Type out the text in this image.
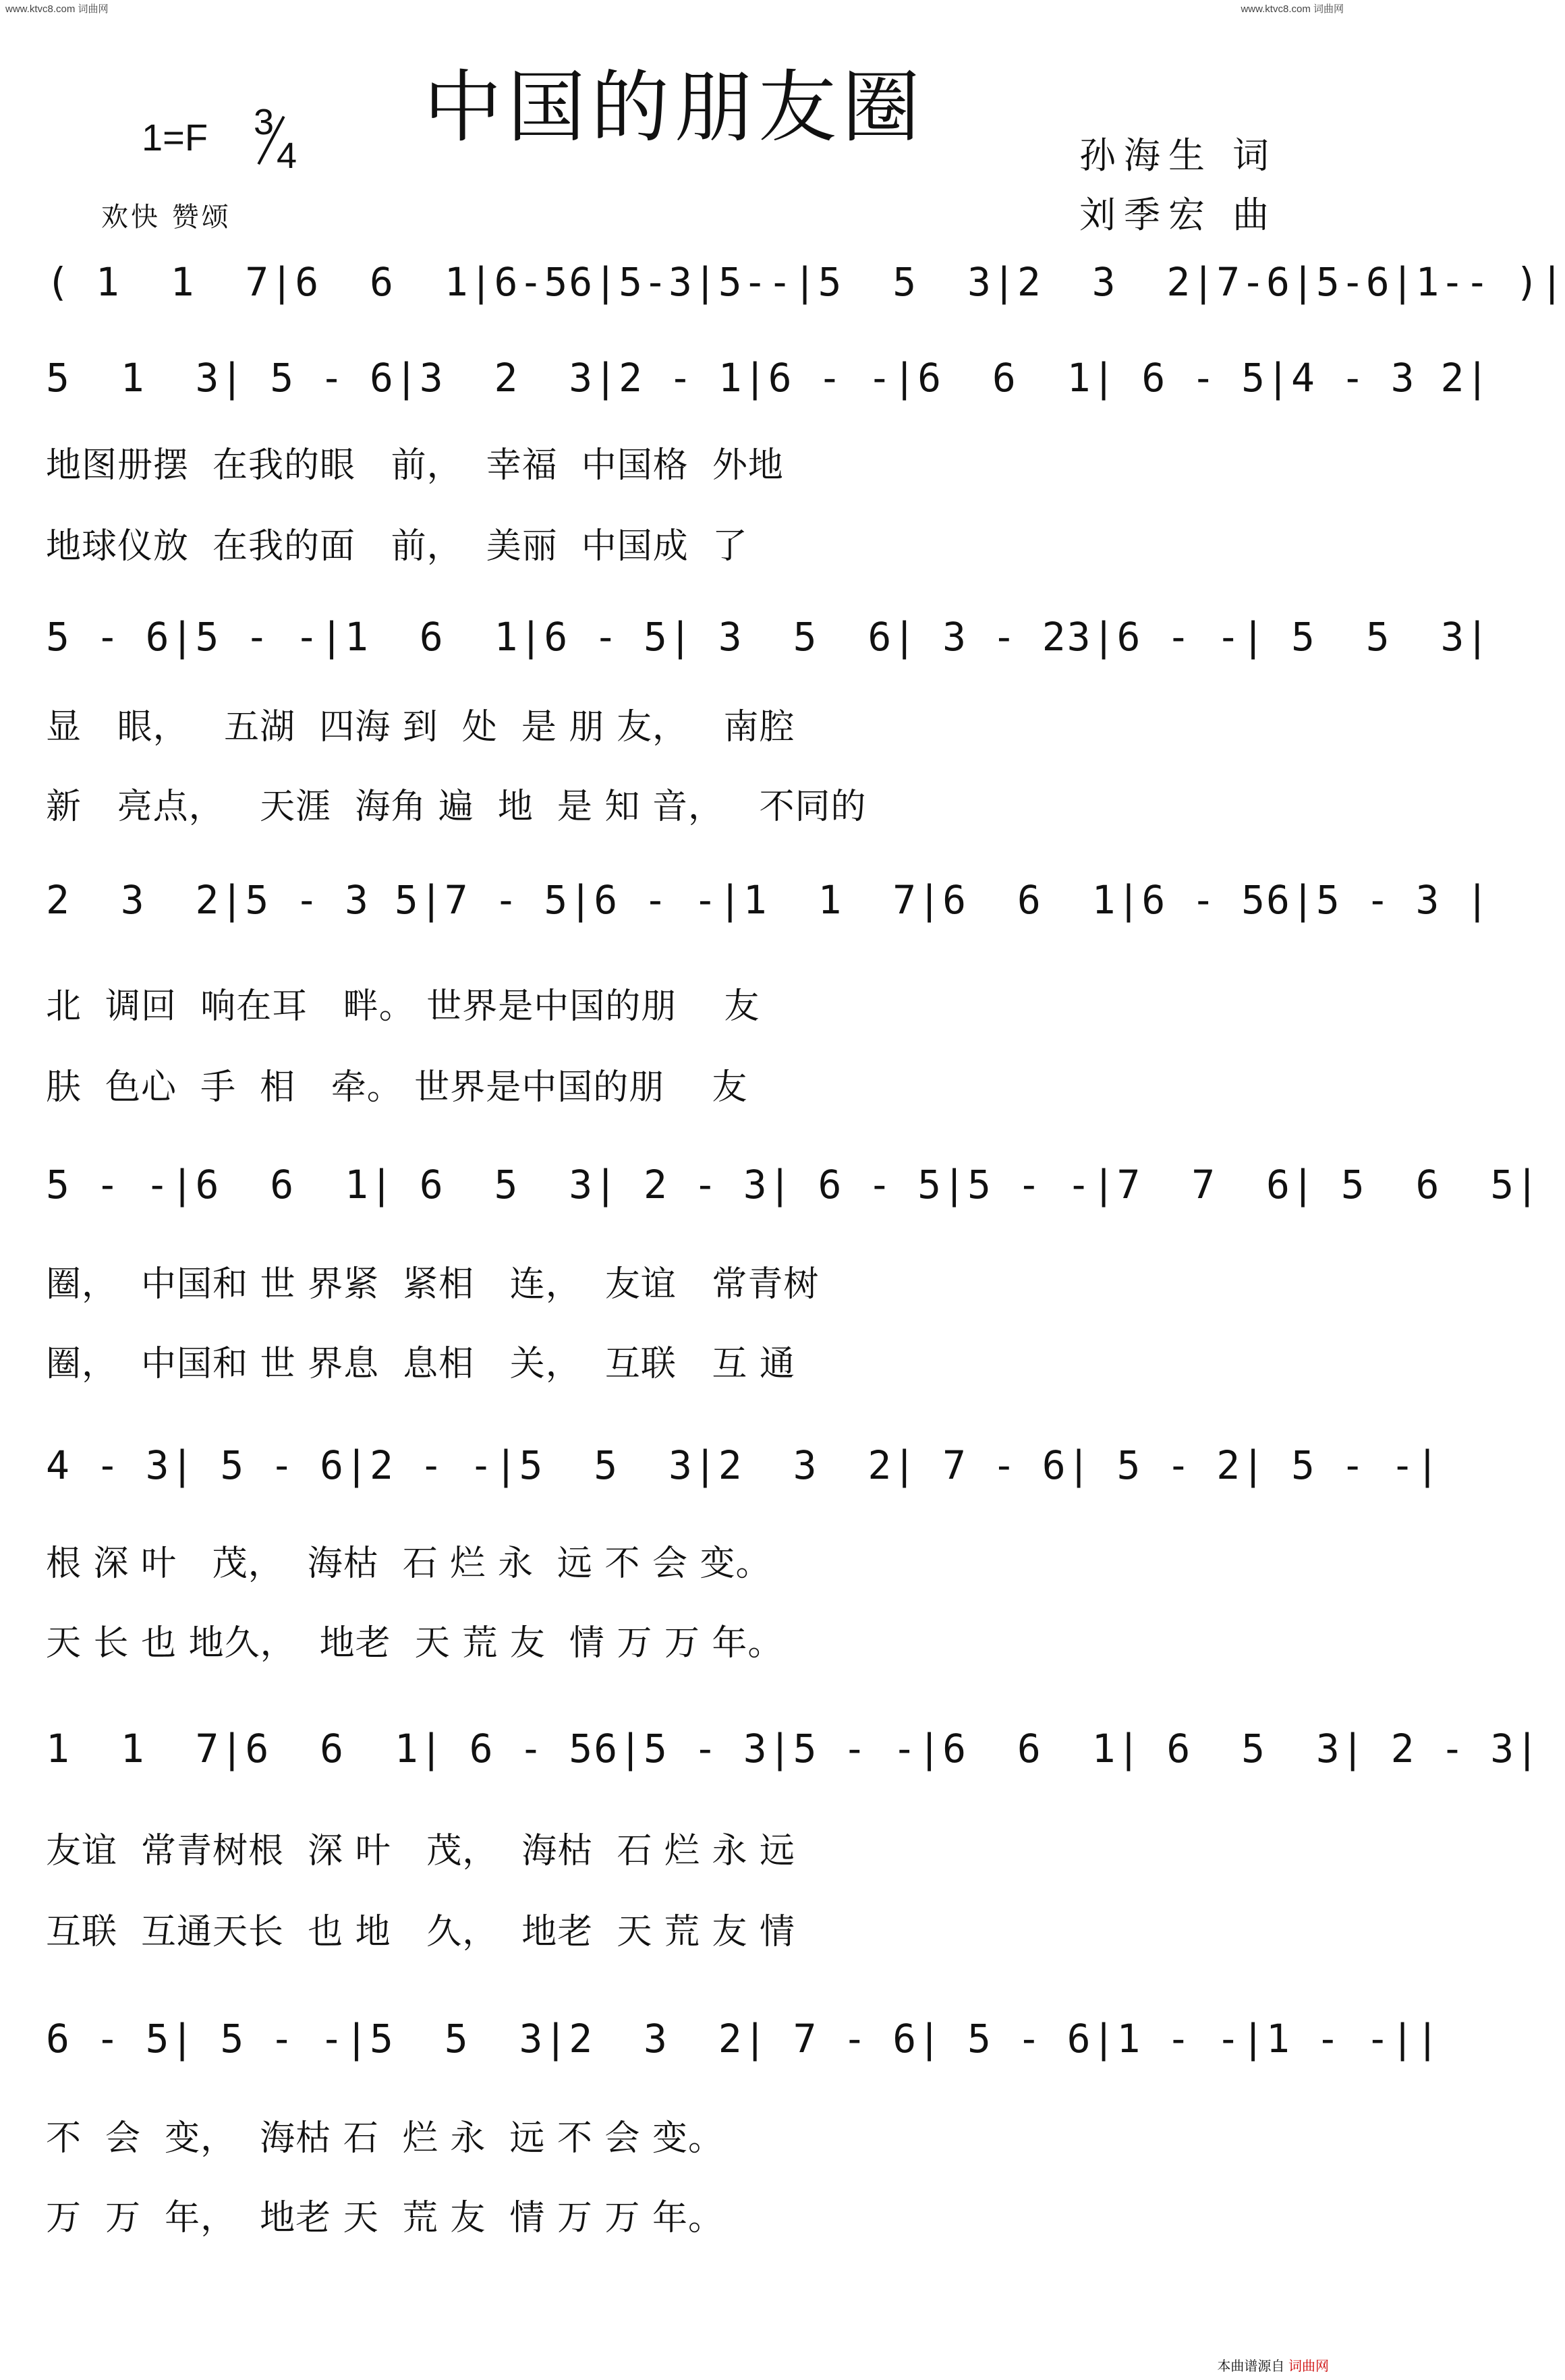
www.ktvc8.com 词曲网	www.ktvc8.com 词曲网
1=F 3
4
中国的朋友圈
欢快 赞颂
孙海生 词
刘季宏 曲
( 1  1  7|6  6  1|6-56|5-3|5--|5  5  3|2  3  2|7-6|5-6|1-- )|
5  1  3| 5 - 6|3  2  3|2 - 1|6 - -|6  6  1| 6 - 5|4 - 3 2|
地图册摆  在我的眼   前，  幸福  中国格  外地
地球仪放  在我的面   前，  美丽  中国成  了
5 - 6|5 - -|1  6  1|6 - 5| 3  5  6| 3 - 23|6 - -| 5  5  3|
显   眼，   五湖  四海 到  处  是 朋 友，   南腔
新   亮点，   天涯  海角 遍  地  是 知 音，   不同的
2  3  2|5 - 3 5|7 - 5|6 - -|1  1  7|6  6  1|6 - 56|5 - 3 |
北  调回  响在耳   畔。 世界是中国的朋    友
肤  色心  手  相   牵。 世界是中国的朋    友
5 - -|6  6  1| 6  5  3| 2 - 3| 6 - 5|5 - -|7  7  6| 5  6  5|
圈，  中国和 世 界紧  紧相   连，  友谊   常青树
圈，  中国和 世 界息  息相   关，  互联   互 通
4 - 3| 5 - 6|2 - -|5  5  3|2  3  2| 7 - 6| 5 - 2| 5 - -|
根 深 叶   茂，  海枯  石 烂 永  远 不 会 变。
天 长 也 地久，  地老  天 荒 友  情 万 万 年。
1  1  7|6  6  1| 6 - 56|5 - 3|5 - -|6  6  1| 6  5  3| 2 - 3|
友谊  常青树根  深 叶   茂，  海枯  石 烂 永 远
互联  互通天长  也 地   久，  地老  天 荒 友 情
6 - 5| 5 - -|5  5  3|2  3  2| 7 - 6| 5 - 6|1 - -|1 - -||
不  会  变，  海枯 石  烂 永  远 不 会 变。
万  万  年，  地老 天  荒 友  情 万 万 年。
本曲谱源自 词曲网
